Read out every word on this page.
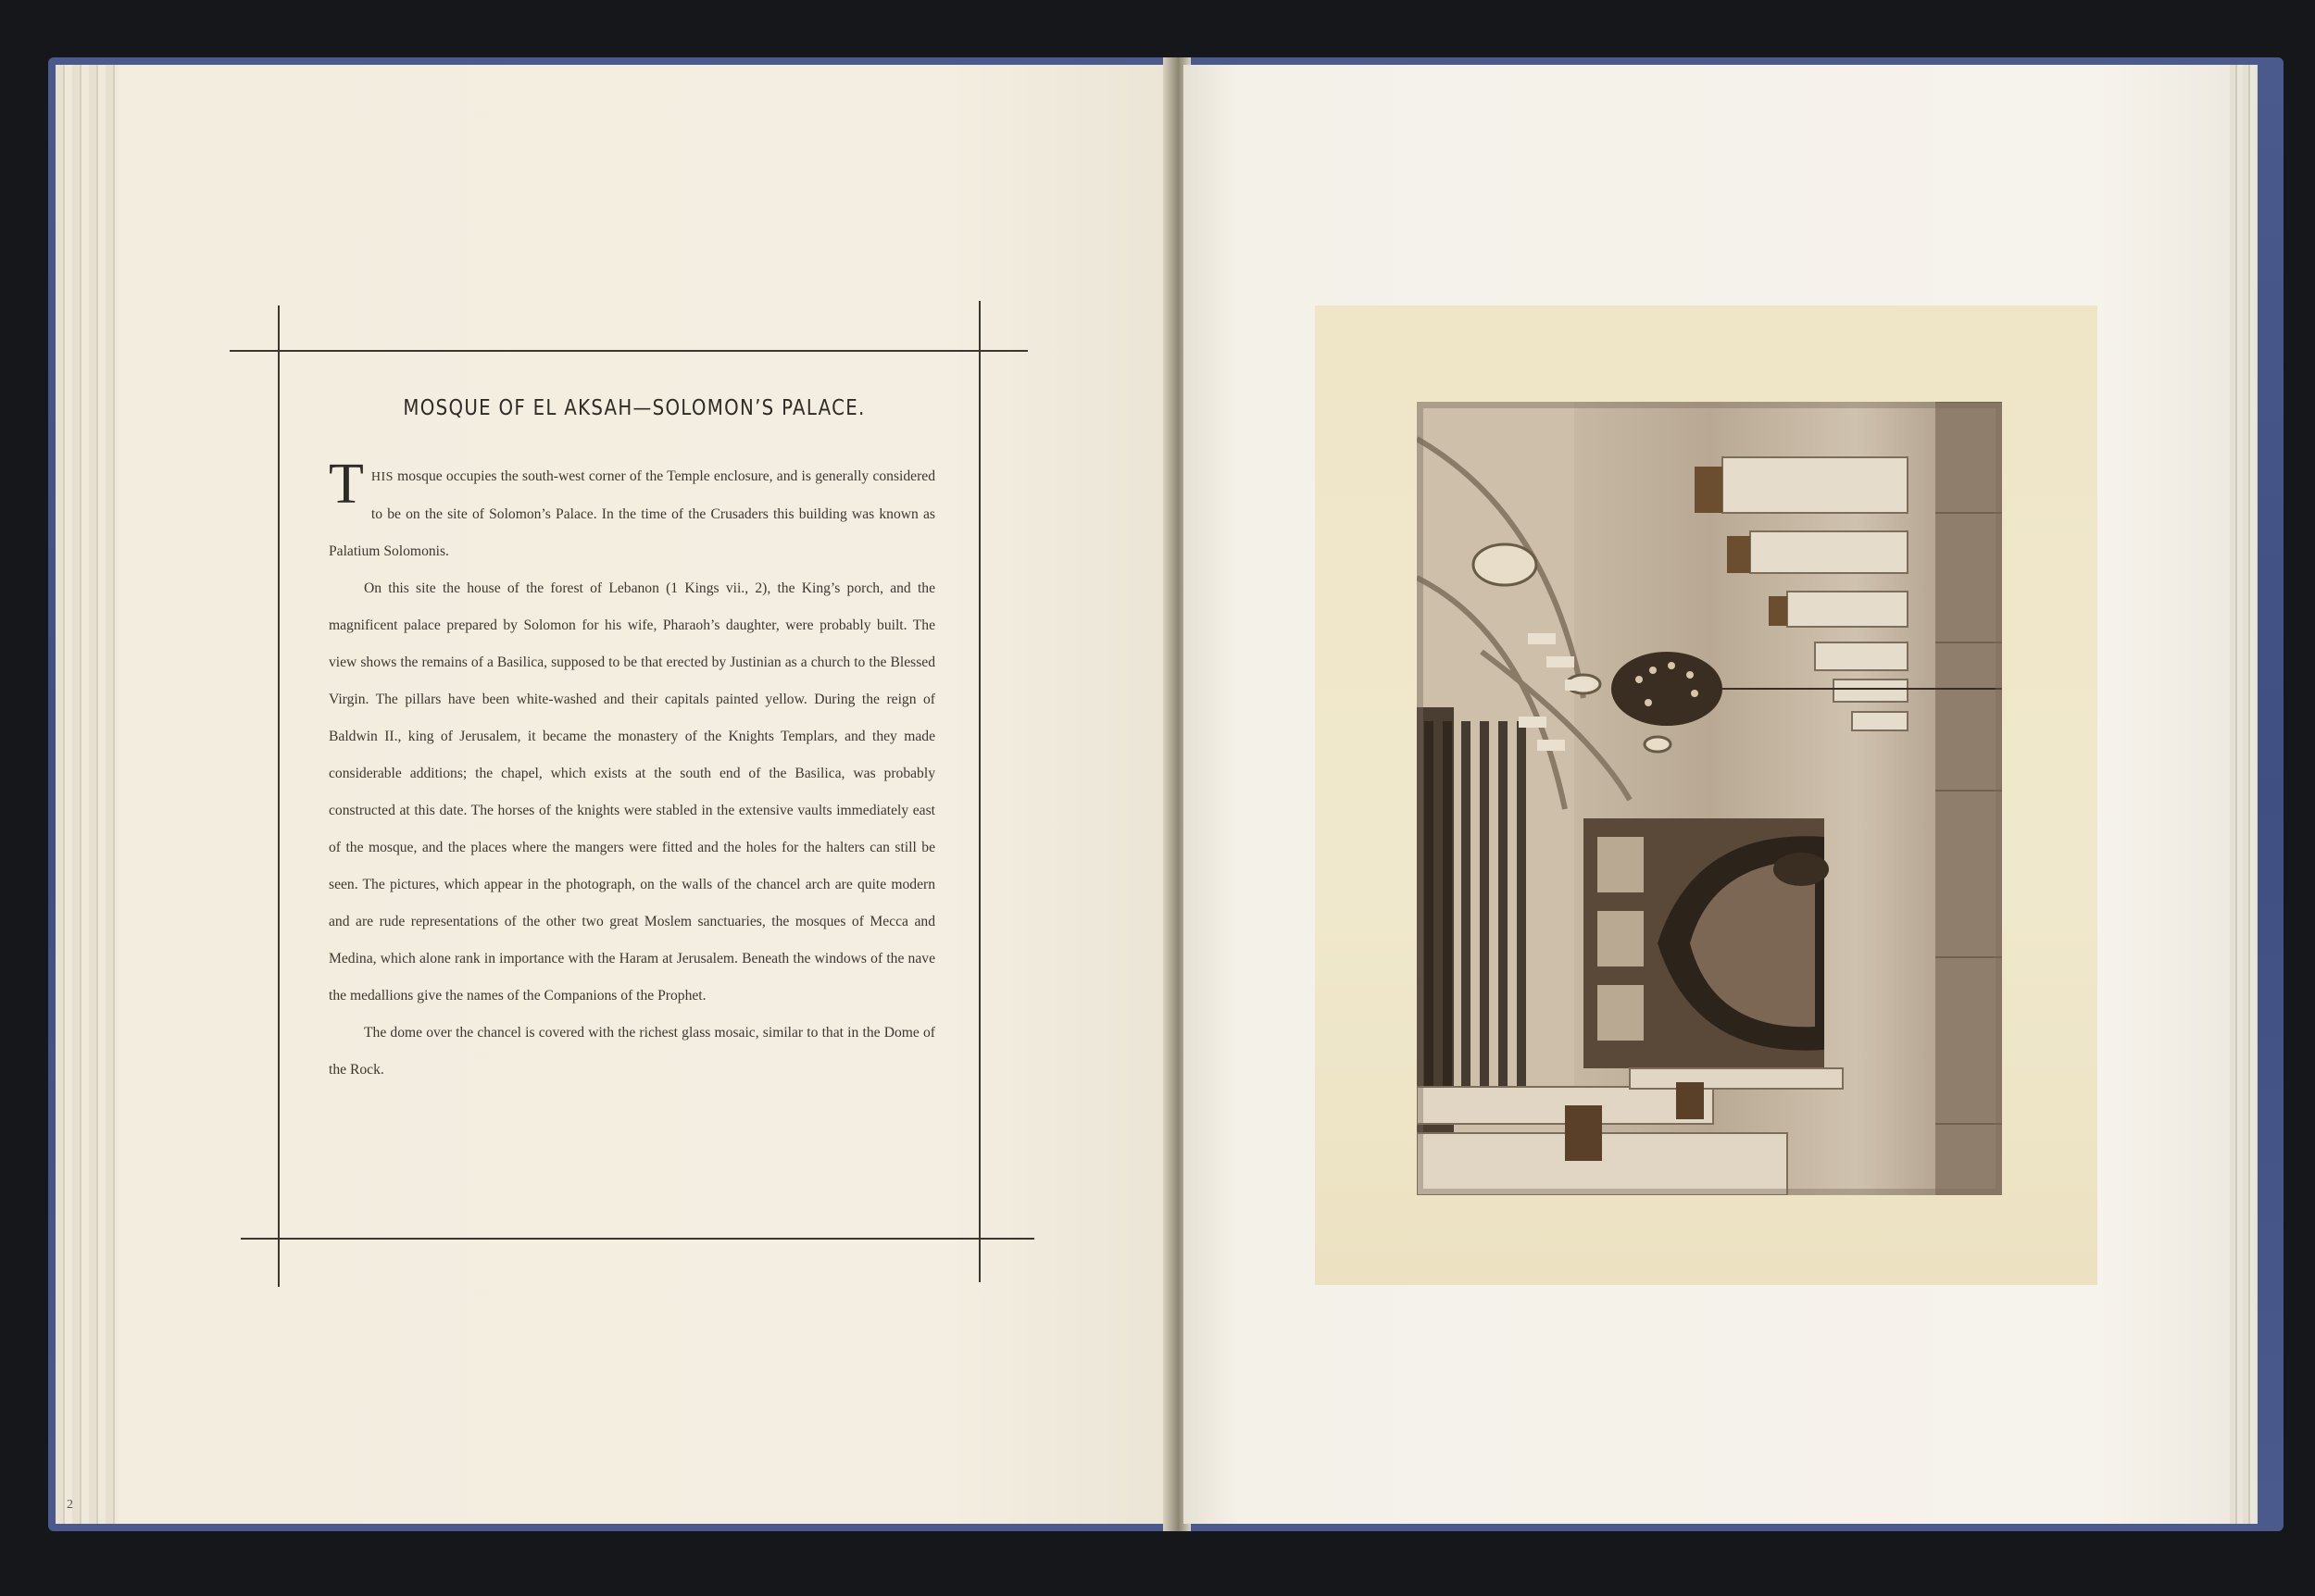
MOSQUE OF EL AKSAH—SOLOMON’S PALACE.

THIS mosque occupies the south-west corner of the Temple enclosure, and is generally considered to be on the site of Solomon’s Palace. In the time of the Crusaders this building was known as Palatium Solomonis.

On this site the house of the forest of Lebanon (1 Kings vii., 2), the King’s porch, and the magnificent palace prepared by Solomon for his wife, Pharaoh’s daughter, were probably built. The view shows the remains of a Basilica, supposed to be that erected by Justinian as a church to the Blessed Virgin. The pillars have been white-washed and their capitals painted yellow. During the reign of Baldwin II., king of Jerusalem, it became the monastery of the Knights Templars, and they made considerable additions; the chapel, which exists at the south end of the Basilica, was probably constructed at this date. The horses of the knights were stabled in the extensive vaults immediately east of the mosque, and the places where the mangers were fitted and the holes for the halters can still be seen. The pictures, which appear in the photograph, on the walls of the chancel arch are quite modern and are rude representations of the other two great Moslem sanctuaries, the mosques of Mecca and Medina, which alone rank in importance with the Haram at Jerusalem. Beneath the windows of the nave the medallions give the names of the Companions of the Prophet.

The dome over the chancel is covered with the richest glass mosaic, similar to that in the Dome of the Rock.

2
